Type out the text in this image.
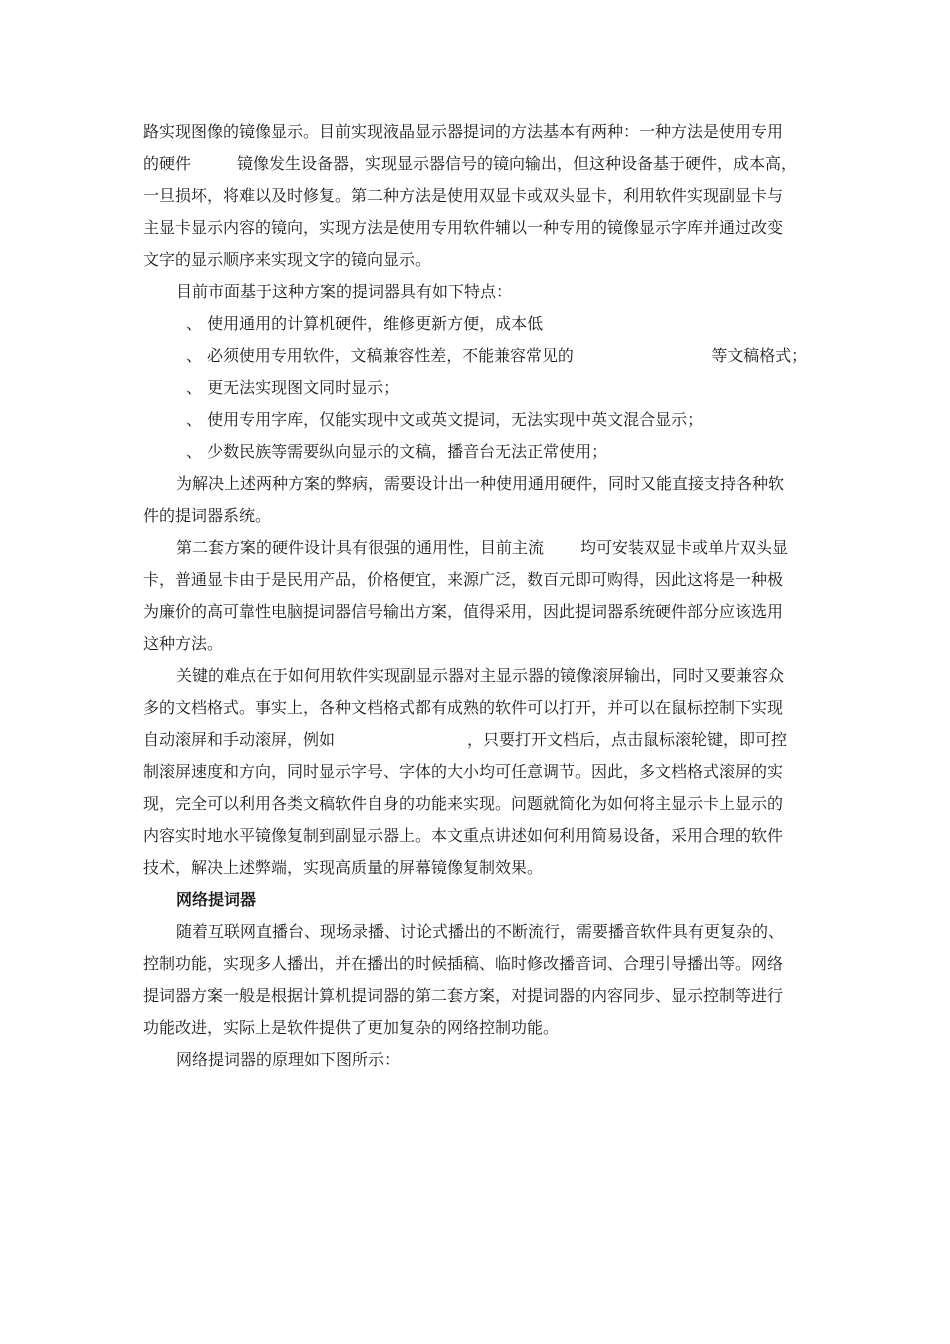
路实现图像的镜像显示。目前实现液晶显示器提词的方法基本有两种：一种方法是使用专用
的硬件	镜像发生设备器，实现显示器信号的镜向输出，但这种设备基于硬件，成本高，
一旦损坏，将难以及时修复。第二种方法是使用双显卡或双头显卡，利用软件实现副显卡与
主显卡显示内容的镜向，实现方法是使用专用软件辅以一种专用的镜像显示字库并通过改变
文字的显示顺序来实现文字的镜向显示。
目前市面基于这种方案的提词器具有如下特点：
、 使用通用的计算机硬件，维修更新方便，成本低
、 必须使用专用软件，文稿兼容性差，不能兼容常见的	等文稿格式；
、 更无法实现图文同时显示；
、 使用专用字库，仅能实现中文或英文提词，无法实现中英文混合显示；
、 少数民族等需要纵向显示的文稿，播音台无法正常使用；
为解决上述两种方案的弊病，需要设计出一种使用通用硬件，同时又能直接支持各种软
件的提词器系统。
第二套方案的硬件设计具有很强的通用性，目前主流 均可安装双显卡或单片双头显
卡，普通显卡由于是民用产品，价格便宜，来源广泛，数百元即可购得，因此这将是一种极
为廉价的高可靠性电脑提词器信号输出方案，值得采用，因此提词器系统硬件部分应该选用
这种方法。
关键的难点在于如何用软件实现副显示器对主显示器的镜像滚屏输出，同时又要兼容众
多的文档格式。事实上，各种文档格式都有成熟的软件可以打开，并可以在鼠标控制下实现
自动滚屏和手动滚屏，例如	，只要打开文档后，点击鼠标滚轮键，即可控
制滚屏速度和方向，同时显示字号、字体的大小均可任意调节。因此，多文档格式滚屏的实
现，完全可以利用各类文稿软件自身的功能来实现。问题就简化为如何将主显示卡上显示的
内容实时地水平镜像复制到副显示器上。本文重点讲述如何利用简易设备，采用合理的软件
技术，解决上述弊端，实现高质量的屏幕镜像复制效果。
网络提词器
随着互联网直播台、现场录播、讨论式播出的不断流行，需要播音软件具有更复杂的、
控制功能，实现多人播出，并在播出的时候插稿、临时修改播音词、合理引导播出等。网络
提词器方案一般是根据计算机提词器的第二套方案，对提词器的内容同步、显示控制等进行
功能改进，实际上是软件提供了更加复杂的网络控制功能。
网络提词器的原理如下图所示：
